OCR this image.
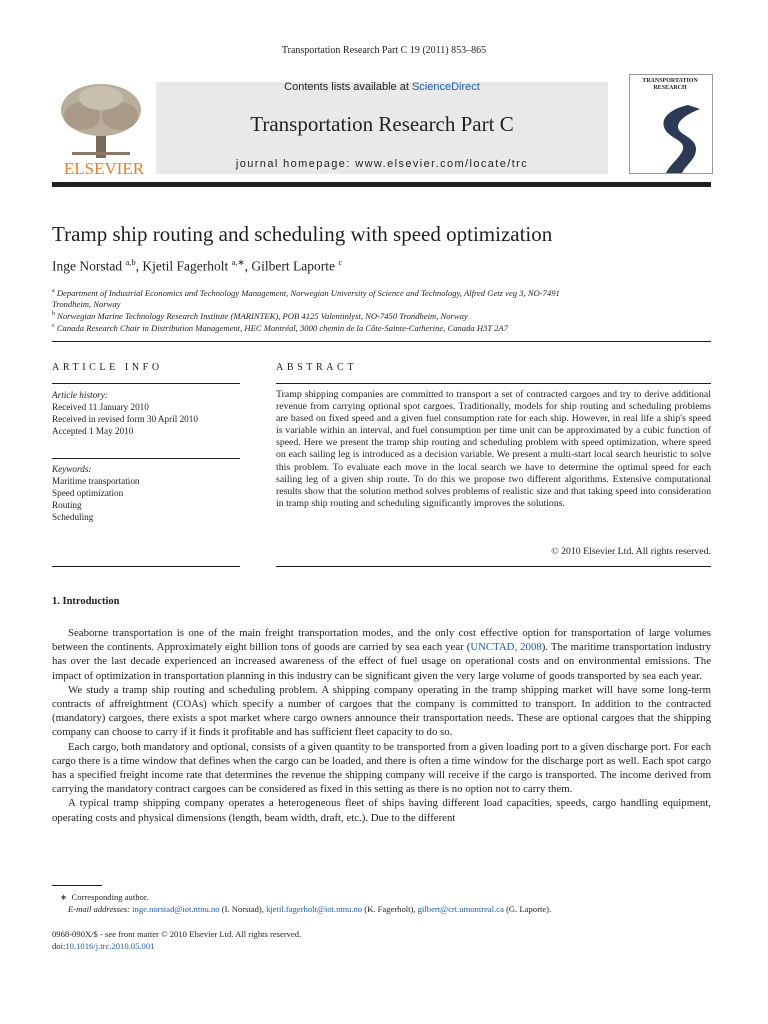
Transportation Research Part C 19 (2011) 853–865
ELSEVIER
Contents lists available at ScienceDirect
Transportation Research Part C
journal homepage: www.elsevier.com/locate/trc
TRANSPORTATION
RESEARCH
Tramp ship routing and scheduling with speed optimization
Inge Norstad $^{a,b}$, Kjetil Fagerholt $^{a,∗}$, Gilbert Laporte $^c$
$^a$ Department of Industrial Economics and Technology Management, Norwegian University of Science and Technology, Alfred Getz veg 3, NO-7491
Trondheim, Norway
$^b$ Norwegian Marine Technology Research Institute (MARINTEK), POB 4125 Valentinlyst, NO-7450 Trondheim, Norway
$^c$ Canada Research Chair in Distribution Management, HEC Montréal, 3000 chemin de la Côte-Sainte-Catherine, Canada H3T 2A7
ARTICLE INFO
Article history:
Received 11 January 2010
Received in revised form 30 April 2010
Accepted 1 May 2010
Keywords:
Maritime transportation
Speed optimization
Routing
Scheduling
ABSTRACT
Tramp shipping companies are committed to transport a set of contracted cargoes and try to derive additional revenue from carrying optional spot cargoes. Traditionally, models for ship routing and scheduling problems are based on fixed speed and a given fuel consumption rate for each ship. However, in real life a ship's speed is variable within an interval, and fuel consumption per time unit can be approximated by a cubic function of speed. Here we present the tramp ship routing and scheduling problem with speed optimization, where speed on each sailing leg is introduced as a decision variable. We present a multi-start local search heuristic to solve this problem. To evaluate each move in the local search we have to determine the optimal speed for each sailing leg of a given ship route. To do this we propose two different algorithms. Extensive computational results show that the solution method solves problems of realistic size and that taking speed into consideration in tramp ship routing and scheduling significantly improves the solutions.
© 2010 Elsevier Ltd. All rights reserved.
1. Introduction

Seaborne transportation is one of the main freight transportation modes, and the only cost effective option for transportation of large volumes between the continents. Approximately eight billion tons of goods are carried by sea each year (UNCTAD, 2008). The maritime transportation industry has over the last decade experienced an increased awareness of the effect of fuel usage on operational costs and on environmental emissions. The impact of optimization in transportation planning in this industry can be significant given the very large volume of goods transported by sea each year.

We study a tramp ship routing and scheduling problem. A shipping company operating in the tramp shipping market will have some long-term contracts of affreightment (COAs) which specify a number of cargoes that the company is committed to transport. In addition to the contracted (mandatory) cargoes, there exists a spot market where cargo owners announce their transportation needs. These are optional cargoes that the shipping company can choose to carry if it finds it profitable and has sufficient fleet capacity to do so.

Each cargo, both mandatory and optional, consists of a given quantity to be transported from a given loading port to a given discharge port. For each cargo there is a time window that defines when the cargo can be loaded, and there is often a time window for the discharge port as well. Each spot cargo has a specified freight income rate that determines the revenue the shipping company will receive if the cargo is transported. The income derived from carrying the mandatory contract cargoes can be considered as fixed in this setting as there is no option not to carry them.

A typical tramp shipping company operates a heterogeneous fleet of ships having different load capacities, speeds, cargo handling equipment, operating costs and physical dimensions (length, beam width, draft, etc.). Due to the different

∗ Corresponding author.
E-mail addresses: inge.norstad@iot.ntnu.no (I. Norstad), kjetil.fagerholt@iot.ntnu.no (K. Fagerholt), gilbert@crt.umontreal.ca (G. Laporte).
0968-090X/$ - see front matter © 2010 Elsevier Ltd. All rights reserved.
doi:10.1016/j.trc.2010.05.001
